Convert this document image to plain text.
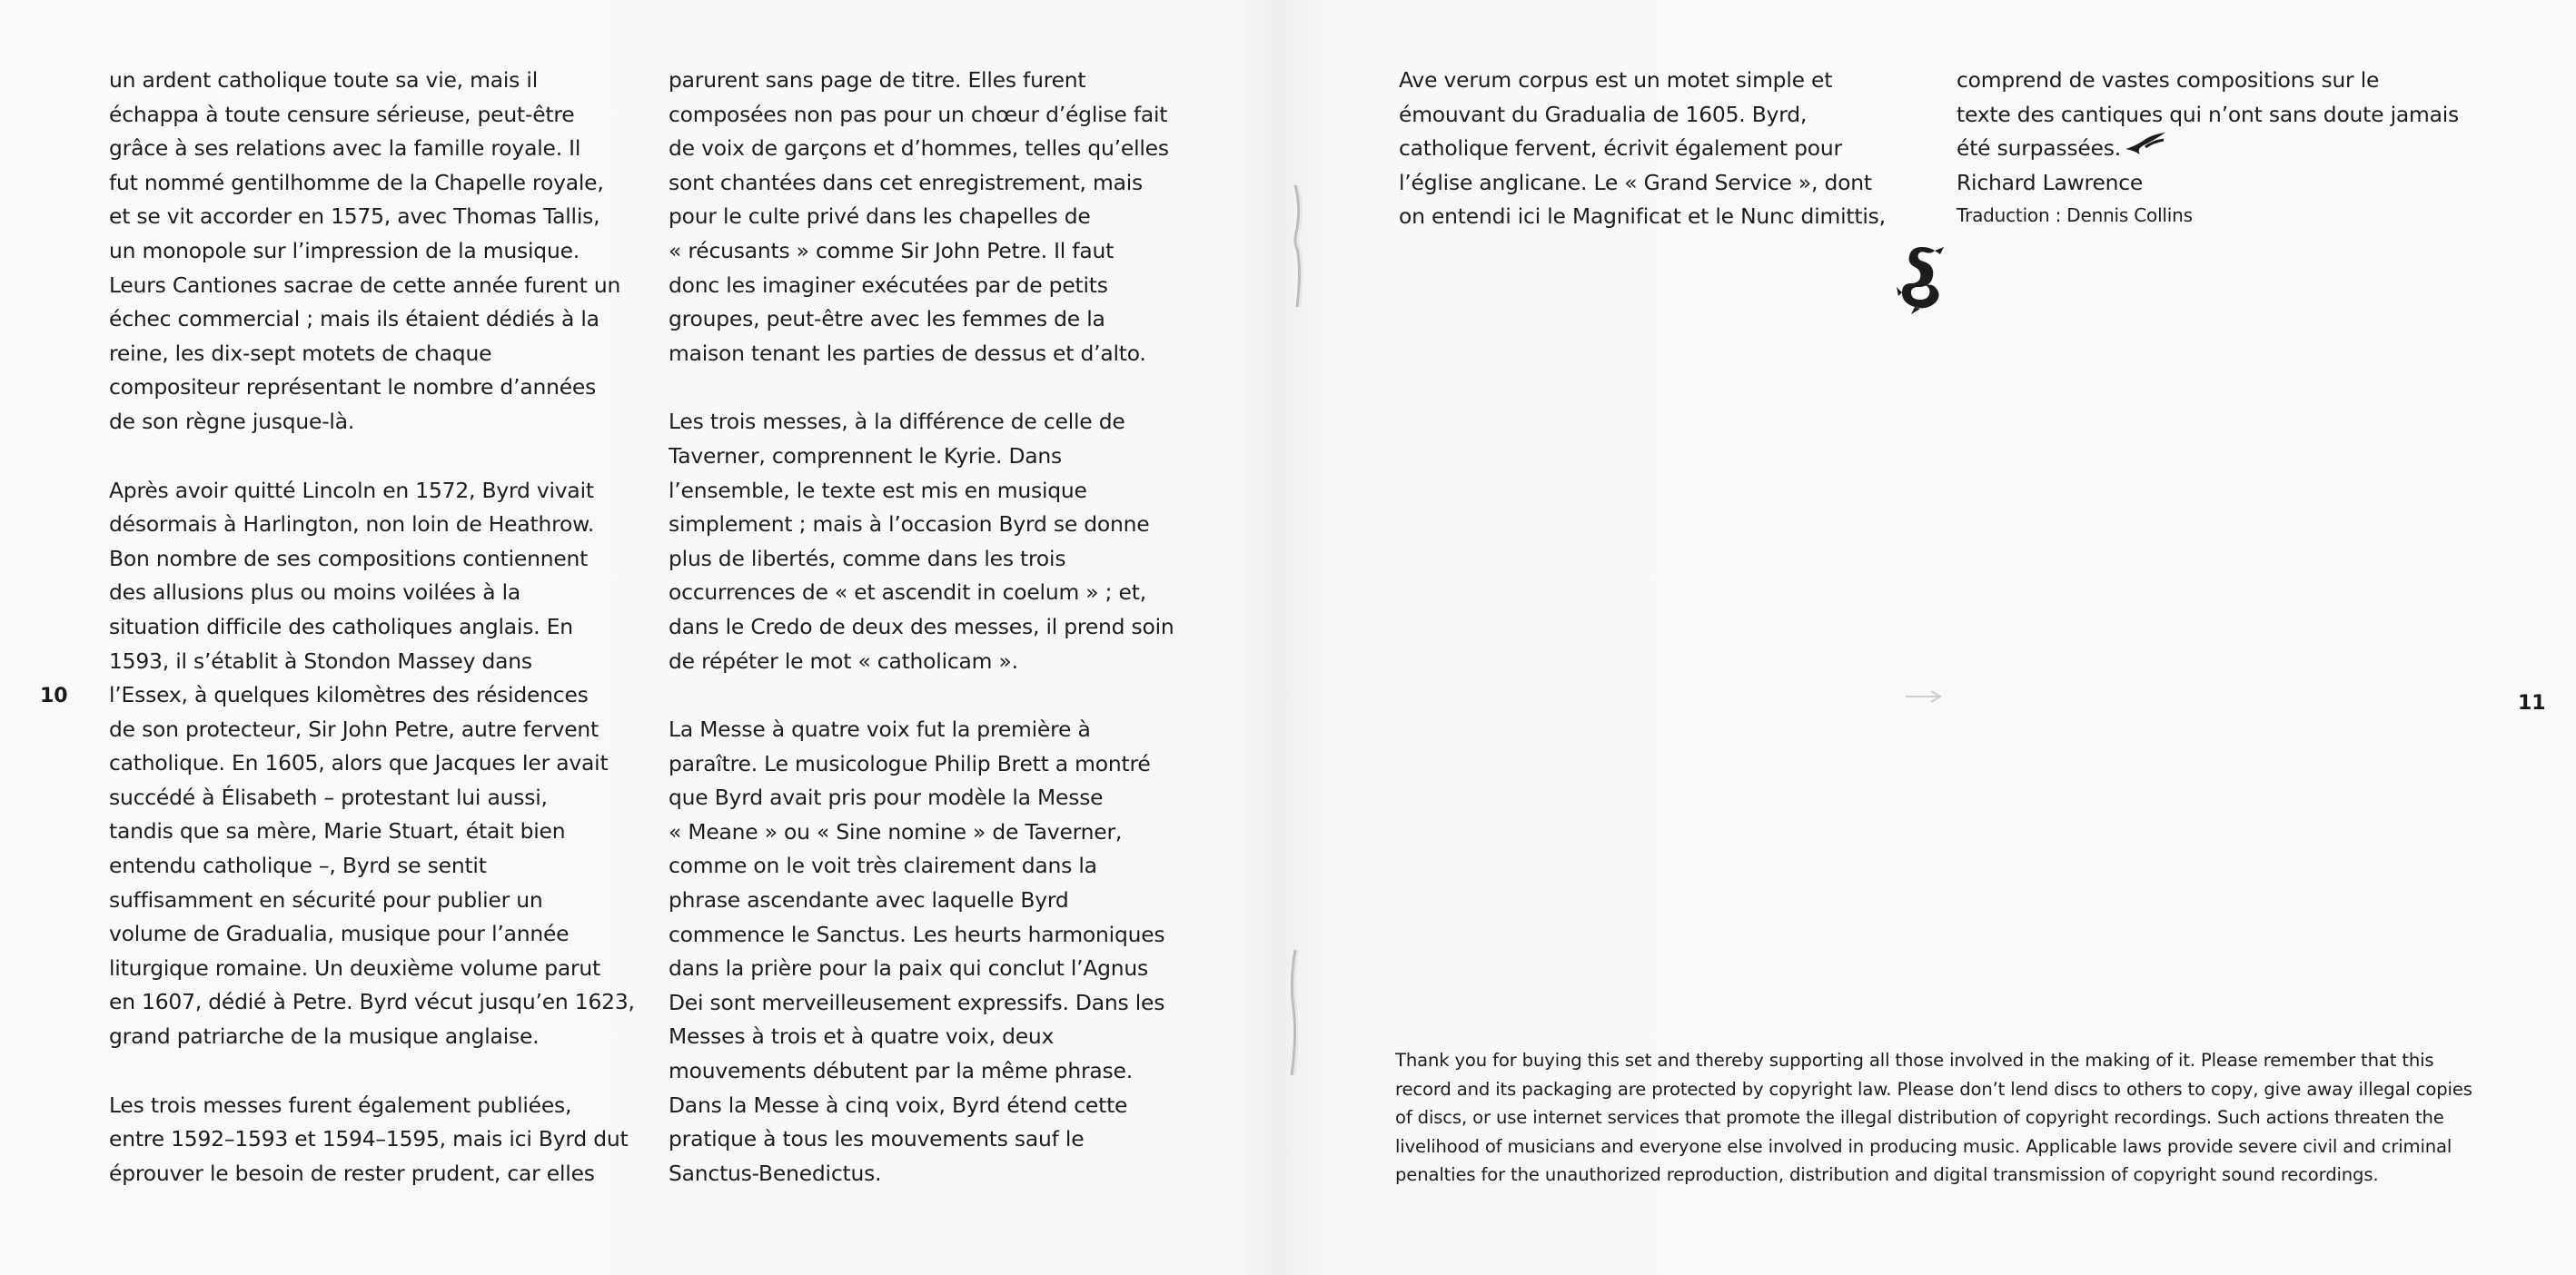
un ardent catholique toute sa vie, mais il
échappa à toute censure sérieuse, peut-être
grâce à ses relations avec la famille royale. Il
fut nommé gentilhomme de la Chapelle royale,
et se vit accorder en 1575, avec Thomas Tallis,
un monopole sur l’impression de la musique.
Leurs Cantiones sacrae de cette année furent un
échec commercial ; mais ils étaient dédiés à la
reine, les dix-sept motets de chaque
compositeur représentant le nombre d’années
de son règne jusque-là.

Après avoir quitté Lincoln en 1572, Byrd vivait
désormais à Harlington, non loin de Heathrow.
Bon nombre de ses compositions contiennent
des allusions plus ou moins voilées à la
situation difficile des catholiques anglais. En
1593, il s’établit à Stondon Massey dans
l’Essex, à quelques kilomètres des résidences
de son protecteur, Sir John Petre, autre fervent
catholique. En 1605, alors que Jacques Ier avait
succédé à Élisabeth – protestant lui aussi,
tandis que sa mère, Marie Stuart, était bien
entendu catholique –, Byrd se sentit
suffisamment en sécurité pour publier un
volume de Gradualia, musique pour l’année
liturgique romaine. Un deuxième volume parut
en 1607, dédié à Petre. Byrd vécut jusqu’en 1623,
grand patriarche de la musique anglaise.

Les trois messes furent également publiées,
entre 1592–1593 et 1594–1595, mais ici Byrd dut
éprouver le besoin de rester prudent, car elles

parurent sans page de titre. Elles furent
composées non pas pour un chœur d’église fait
de voix de garçons et d’hommes, telles qu’elles
sont chantées dans cet enregistrement, mais
pour le culte privé dans les chapelles de
« récusants » comme Sir John Petre. Il faut
donc les imaginer exécutées par de petits
groupes, peut-être avec les femmes de la
maison tenant les parties de dessus et d’alto.

Les trois messes, à la différence de celle de
Taverner, comprennent le Kyrie. Dans
l’ensemble, le texte est mis en musique
simplement ; mais à l’occasion Byrd se donne
plus de libertés, comme dans les trois
occurrences de « et ascendit in coelum » ; et,
dans le Credo de deux des messes, il prend soin
de répéter le mot « catholicam ».

La Messe à quatre voix fut la première à
paraître. Le musicologue Philip Brett a montré
que Byrd avait pris pour modèle la Messe
« Meane » ou « Sine nomine » de Taverner,
comme on le voit très clairement dans la
phrase ascendante avec laquelle Byrd
commence le Sanctus. Les heurts harmoniques
dans la prière pour la paix qui conclut l’Agnus
Dei sont merveilleusement expressifs. Dans les
Messes à trois et à quatre voix, deux
mouvements débutent par la même phrase.
Dans la Messe à cinq voix, Byrd étend cette
pratique à tous les mouvements sauf le
Sanctus-Benedictus.

10

Ave verum corpus est un motet simple et
émouvant du Gradualia de 1605. Byrd,
catholique fervent, écrivit également pour
l’église anglicane. Le « Grand Service », dont
on entendi ici le Magnificat et le Nunc dimittis,

comprend de vastes compositions sur le
texte des cantiques qui n’ont sans doute jamais
été surpassées.
Richard Lawrence
Traduction : Dennis Collins

Thank you for buying this set and thereby supporting all those involved in the making of it. Please remember that this
record and its packaging are protected by copyright law. Please don’t lend discs to others to copy, give away illegal copies
of discs, or use internet services that promote the illegal distribution of copyright recordings. Such actions threaten the
livelihood of musicians and everyone else involved in producing music. Applicable laws provide severe civil and criminal
penalties for the unauthorized reproduction, distribution and digital transmission of copyright sound recordings.
11
